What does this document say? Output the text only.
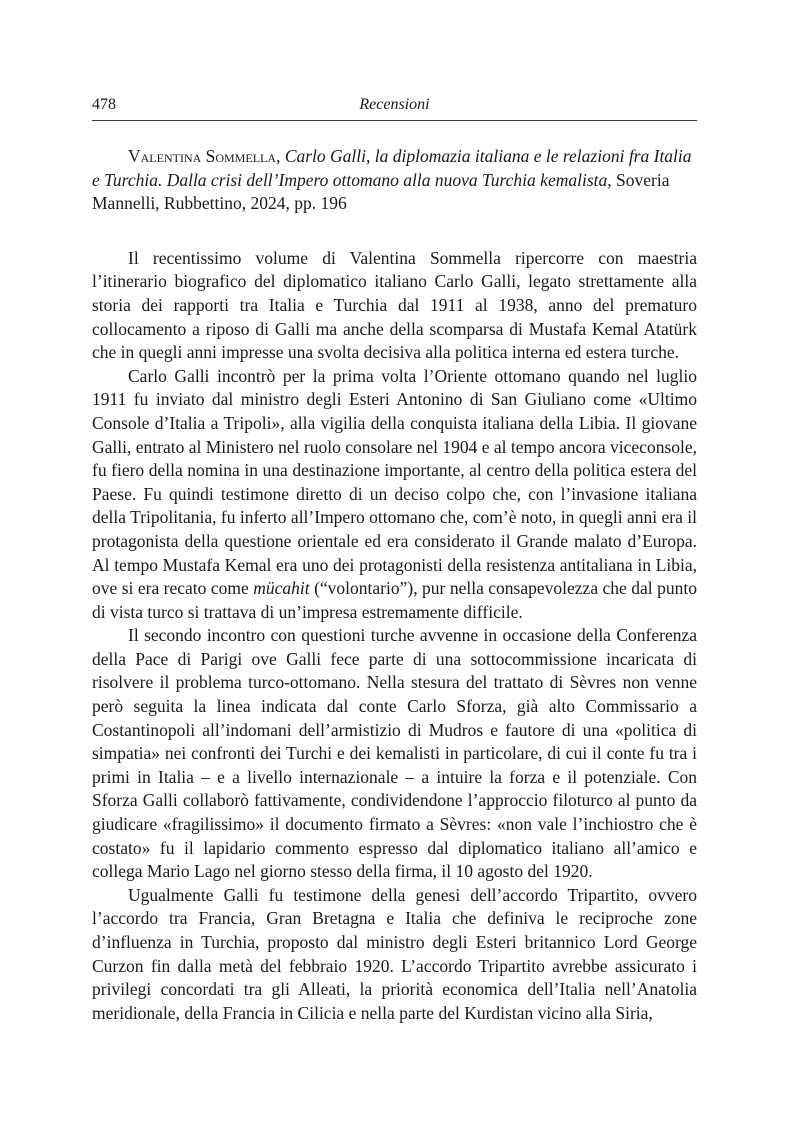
478	Recensioni

Valentina Sommella, Carlo Galli, la diplomazia italiana e le relazioni fra Italia e Turchia. Dalla crisi dell’Impero ottomano alla nuova Turchia kemalista, Soveria Mannelli, Rubbettino, 2024, pp. 196

Il recentissimo volume di Valentina Sommella ripercorre con maestria l’itinerario biografico del diplomatico italiano Carlo Galli, legato strettamente alla storia dei rapporti tra Italia e Turchia dal 1911 al 1938, anno del prematuro collocamento a riposo di Galli ma anche della scomparsa di Mustafa Kemal Atatürk che in quegli anni impresse una svolta decisiva alla politica interna ed estera turche.

Carlo Galli incontrò per la prima volta l’Oriente ottomano quando nel luglio 1911 fu inviato dal ministro degli Esteri Antonino di San Giuliano come «Ultimo Console d’Italia a Tripoli», alla vigilia della conquista italiana della Libia. Il giovane Galli, entrato al Ministero nel ruolo consolare nel 1904 e al tempo ancora viceconsole, fu fiero della nomina in una destinazione importante, al centro della politica estera del Paese. Fu quindi testimone diretto di un deciso colpo che, con l’invasione italiana della Tripolitania, fu inferto all’Impero ottomano che, com’è noto, in quegli anni era il protagonista della questione orientale ed era considerato il Grande malato d’Europa. Al tempo Mustafa Kemal era uno dei protagonisti della resistenza antitaliana in Libia, ove si era recato come mücahit (“volontario”), pur nella consapevolezza che dal punto di vista turco si trattava di un’impresa estremamente difficile.

Il secondo incontro con questioni turche avvenne in occasione della Conferenza della Pace di Parigi ove Galli fece parte di una sottocommissione incaricata di risolvere il problema turco-ottomano. Nella stesura del trattato di Sèvres non venne però seguita la linea indicata dal conte Carlo Sforza, già alto Commissario a Costantinopoli all’indomani dell’armistizio di Mudros e fautore di una «politica di simpatia» nei confronti dei Turchi e dei kemalisti in particolare, di cui il conte fu tra i primi in Italia – e a livello internazionale – a intuire la forza e il potenziale. Con Sforza Galli collaborò fattivamente, condividendone l’approccio filoturco al punto da giudicare «fragilissimo» il documento firmato a Sèvres: «non vale l’inchiostro che è costato» fu il lapidario commento espresso dal diplomatico italiano all’amico e collega Mario Lago nel giorno stesso della firma, il 10 agosto del 1920.

Ugualmente Galli fu testimone della genesi dell’accordo Tripartito, ovvero l’accordo tra Francia, Gran Bretagna e Italia che definiva le reciproche zone d’influenza in Turchia, proposto dal ministro degli Esteri britannico Lord George Curzon fin dalla metà del febbraio 1920. L’accordo Tripartito avrebbe assicurato i privilegi concordati tra gli Alleati, la priorità economica dell’Italia nell’Anatolia meridionale, della Francia in Cilicia e nella parte del Kurdistan vicino alla Siria,
